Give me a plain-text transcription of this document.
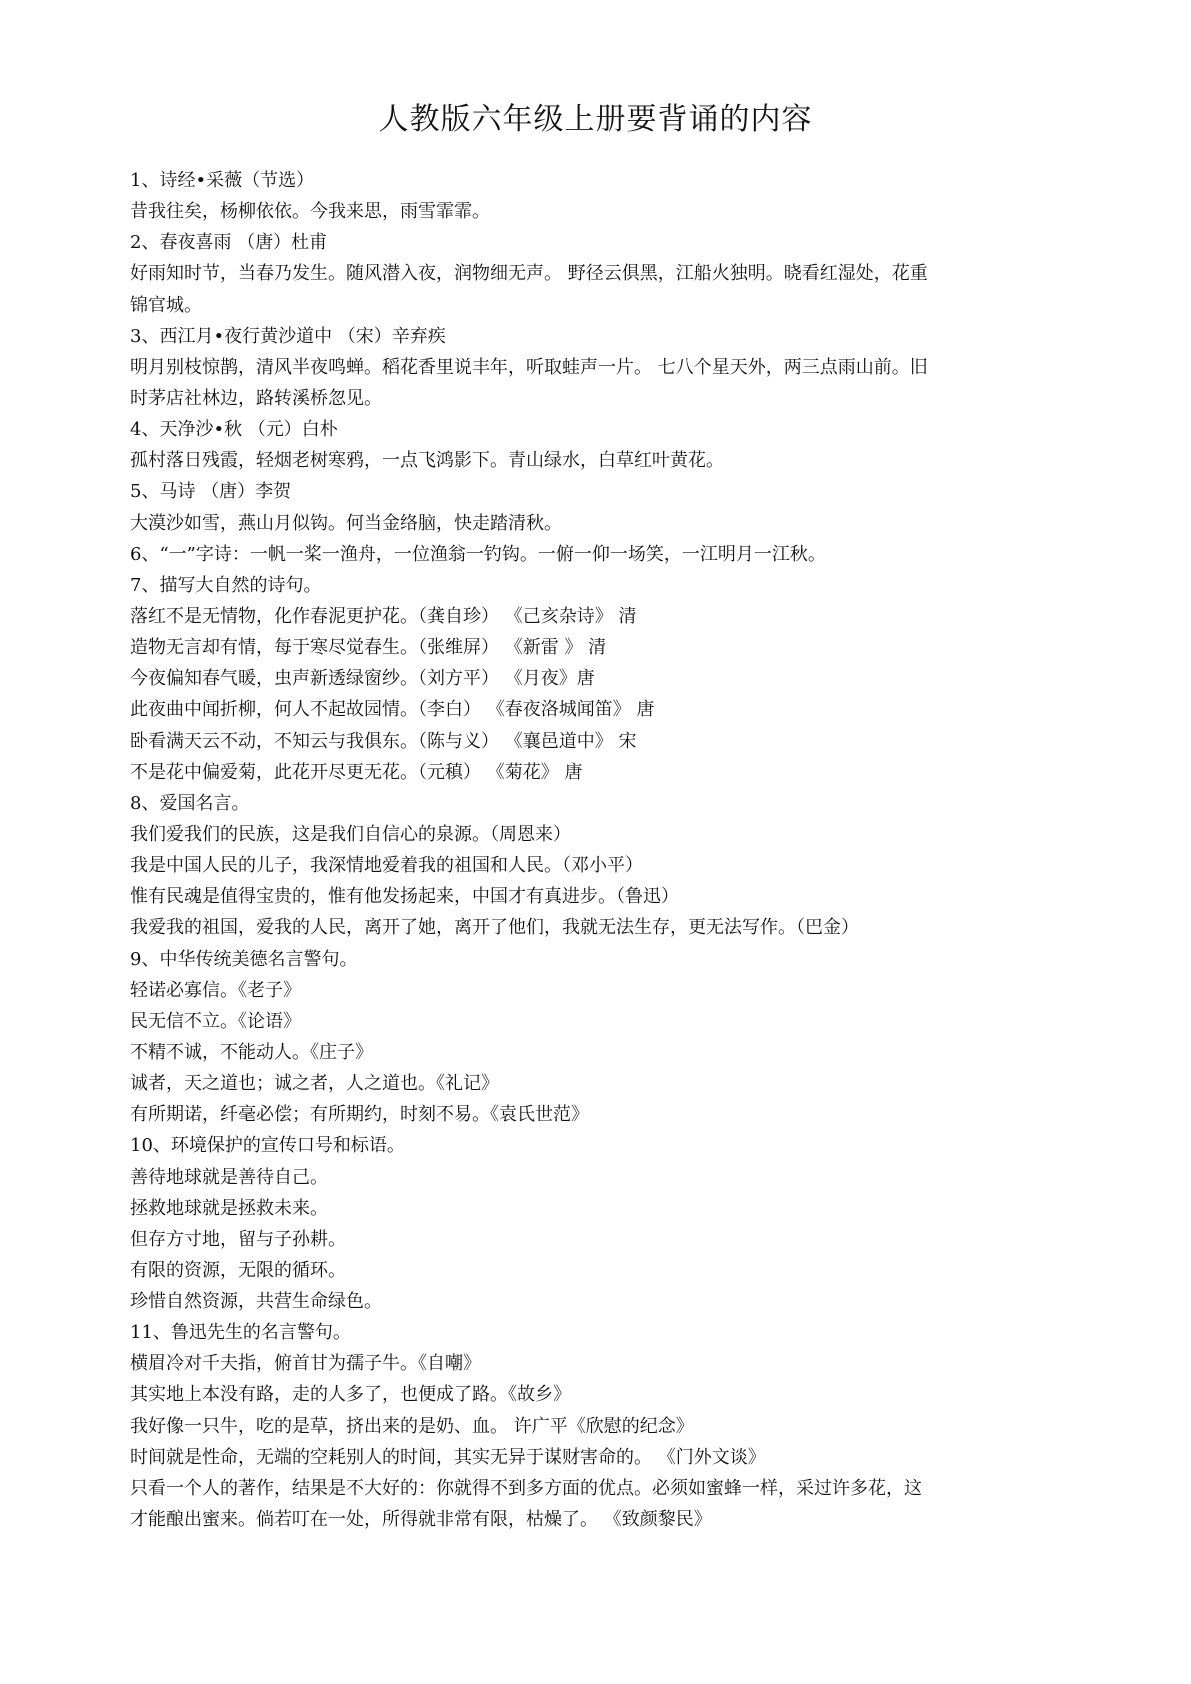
人教版六年级上册要背诵的内容
1、诗经•采薇（节选）
昔我往矣，杨柳依依。今我来思，雨雪霏霏。
2、春夜喜雨 （唐）杜甫
好雨知时节，当春乃发生。随风潜入夜，润物细无声。 野径云俱黑，江船火独明。晓看红湿处，花重
锦官城。
3、西江月•夜行黄沙道中 （宋）辛弃疾
明月别枝惊鹊，清风半夜鸣蝉。稻花香里说丰年，听取蛙声一片。 七八个星天外，两三点雨山前。旧
时茅店社林边，路转溪桥忽见。
4、天净沙•秋 （元）白朴
孤村落日残霞，轻烟老树寒鸦，一点飞鸿影下。青山绿水，白草红叶黄花。
5、马诗 （唐）李贺
大漠沙如雪，燕山月似钩。何当金络脑，快走踏清秋。
6、“一”字诗：一帆一桨一渔舟，一位渔翁一钓钩。一俯一仰一场笑，一江明月一江秋。
7、描写大自然的诗句。
落红不是无情物，化作春泥更护花。（龚自珍） 《己亥杂诗》 清
造物无言却有情，每于寒尽觉春生。（张维屏） 《新雷 》 清
今夜偏知春气暖，虫声新透绿窗纱。（刘方平） 《月夜》唐
此夜曲中闻折柳，何人不起故园情。（李白） 《春夜洛城闻笛》 唐
卧看满天云不动，不知云与我俱东。（陈与义） 《襄邑道中》 宋
不是花中偏爱菊，此花开尽更无花。（元稹） 《菊花》 唐
8、爱国名言。
我们爱我们的民族，这是我们自信心的泉源。（周恩来）
我是中国人民的儿子，我深情地爱着我的祖国和人民。（邓小平）
惟有民魂是值得宝贵的，惟有他发扬起来，中国才有真进步。（鲁迅）
我爱我的祖国，爱我的人民，离开了她，离开了他们，我就无法生存，更无法写作。（巴金）
9、中华传统美德名言警句。
轻诺必寡信。《老子》
民无信不立。《论语》
不精不诚，不能动人。《庄子》
诚者，天之道也；诚之者，人之道也。《礼记》
有所期诺，纤毫必偿；有所期约，时刻不易。《袁氏世范》
10、环境保护的宣传口号和标语。
善待地球就是善待自己。
拯救地球就是拯救未来。
但存方寸地，留与子孙耕。
有限的资源，无限的循环。
珍惜自然资源，共营生命绿色。
11、鲁迅先生的名言警句。
横眉冷对千夫指，俯首甘为孺子牛。《自嘲》
其实地上本没有路，走的人多了，也便成了路。《故乡》
我好像一只牛，吃的是草，挤出来的是奶、血。 许广平《欣慰的纪念》
时间就是性命，无端的空耗别人的时间，其实无异于谋财害命的。 《门外文谈》
只看一个人的著作，结果是不大好的：你就得不到多方面的优点。必须如蜜蜂一样，采过许多花，这
才能酿出蜜来。倘若叮在一处，所得就非常有限，枯燥了。 《致颜黎民》
